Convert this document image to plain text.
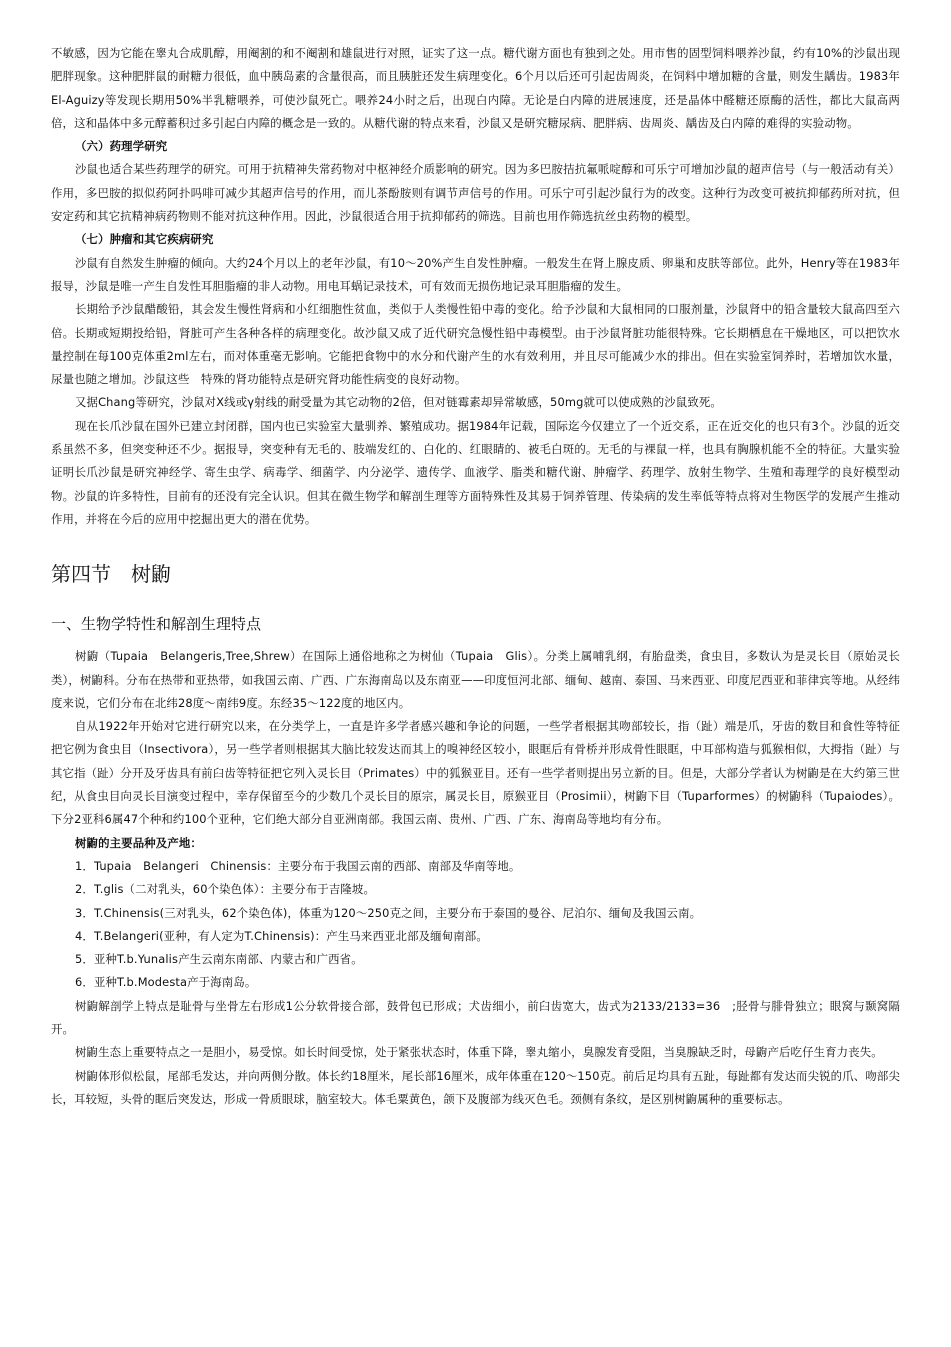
不敏感，因为它能在睾丸合成肌醇，用阉割的和不阉割和雄鼠进行对照，证实了这一点。糖代谢方面也有独到之处。用市售的固型饲料喂养沙鼠，约有10%的沙鼠出现肥胖现象。这种肥胖鼠的耐糖力很低，血中胰岛素的含量很高，而且胰脏还发生病理变化。6个月以后还可引起齿周炎，在饲料中增加糖的含量，则发生龋齿。1983年El-Aguizy等发现长期用50%半乳糖喂养，可使沙鼠死亡。喂养24小时之后，出现白内障。无论是白内障的进展速度，还是晶体中醛糖还原酶的活性，都比大鼠高两倍，这和晶体中多元醇蓄积过多引起白内障的概念是一致的。从糖代谢的特点来看，沙鼠又是研究糖尿病、肥胖病、齿周炎、龋齿及白内障的难得的实验动物。

（六）药理学研究

沙鼠也适合某些药理学的研究。可用于抗精神失常药物对中枢神经介质影响的研究。因为多巴胺拮抗氟哌啶醇和可乐宁可增加沙鼠的超声信号（与一般活动有关）作用，多巴胺的拟似药阿扑吗啡可减少其超声信号的作用，而儿茶酚胺则有调节声信号的作用。可乐宁可引起沙鼠行为的改变。这种行为改变可被抗抑郁药所对抗，但安定药和其它抗精神病药物则不能对抗这种作用。因此，沙鼠很适合用于抗抑郁药的筛选。目前也用作筛选抗丝虫药物的模型。

（七）肿瘤和其它疾病研究

沙鼠有自然发生肿瘤的倾向。大约24个月以上的老年沙鼠，有10～20%产生自发性肿瘤。一般发生在肾上腺皮质、卵巢和皮肤等部位。此外，Henry等在1983年报导，沙鼠是唯一产生自发性耳胆脂瘤的非人动物。用电耳蜗记录技术，可有效而无损伤地记录耳胆脂瘤的发生。

长期给予沙鼠醋酸铅，其会发生慢性肾病和小红细胞性贫血，类似于人类慢性铅中毒的变化。给予沙鼠和大鼠相同的口服剂量，沙鼠肾中的铅含量较大鼠高四至六倍。长期或短期投给铅，肾脏可产生各种各样的病理变化。故沙鼠又成了近代研究急慢性铅中毒模型。由于沙鼠肾脏功能很特殊。它长期栖息在干燥地区，可以把饮水量控制在每100克体重2ml左右，而对体重毫无影响。它能把食物中的水分和代谢产生的水有效利用，并且尽可能减少水的排出。但在实验室饲养时，若增加饮水量，尿量也随之增加。沙鼠这些　特殊的肾功能特点是研究肾功能性病变的良好动物。

又据Chang等研究，沙鼠对X线或γ射线的耐受量为其它动物的2倍，但对链霉素却异常敏感，50mg就可以使成熟的沙鼠致死。

现在长爪沙鼠在国外已建立封闭群，国内也已实验室大量驯养、繁殖成功。据1984年记载，国际迄今仅建立了一个近交系，正在近交化的也只有3个。沙鼠的近交系虽然不多，但突变种还不少。据报导，突变种有无毛的、肢端发红的、白化的、红眼睛的、被毛白斑的。无毛的与裸鼠一样，也具有胸腺机能不全的特征。大量实验证明长爪沙鼠是研究神经学、寄生虫学、病毒学、细菌学、内分泌学、遗传学、血液学、脂类和糖代谢、肿瘤学、药理学、放射生物学、生殖和毒理学的良好模型动物。沙鼠的许多特性，目前有的还没有完全认识。但其在微生物学和解剖生理等方面特殊性及其易于饲养管理、传染病的发生率低等特点将对生物医学的发展产生推动作用，并将在今后的应用中挖掘出更大的潜在优势。

第四节　树鼩
一、生物学特性和解剖生理特点

树鼩（Tupaia　Belangeris,Tree,Shrew）在国际上通俗地称之为树仙（Tupaia　Glis）。分类上属哺乳纲，有胎盘类，食虫目，多数认为是灵长目（原始灵长类），树鼩科。分布在热带和亚热带，如我国云南、广西、广东海南岛以及东南亚——印度恒河北部、缅甸、越南、泰国、马来西亚、印度尼西亚和菲律宾等地。从经纬度来说，它们分布在北纬28度～南纬9度。东经35～122度的地区内。

自从1922年开始对它进行研究以来，在分类学上，一直是许多学者感兴趣和争论的问题，一些学者根据其吻部较长，指（趾）端是爪，牙齿的数目和食性等特征把它例为食虫目（Insectivora），另一些学者则根据其大脑比较发达而其上的嗅神经区较小，眼眶后有骨桥并形成骨性眼眶，中耳部构造与狐猴相似，大拇指（趾）与其它指（趾）分开及牙齿具有前臼齿等特征把它列入灵长目（Primates）中的狐猴亚目。还有一些学者则提出另立新的目。但是，大部分学者认为树鼩是在大约第三世纪，从食虫目向灵长目演变过程中，幸存保留至今的少数几个灵长目的原宗，属灵长目，原猴亚目（Prosimii），树鼩下目（Tuparformes）的树鼩科（Tupaiodes）。下分2亚科6属47个种和约100个亚种，它们绝大部分自亚洲南部。我国云南、贵州、广西、广东、海南岛等地均有分布。

树鼩的主要品种及产地：

1．Tupaia　Belangeri　Chinensis：主要分布于我国云南的西部、南部及华南等地。

2．T.glis（二对乳头，60个染色体）：主要分布于吉隆坡。

3．T.Chinensis(三对乳头，62个染色体)，体重为120～250克之间，主要分布于泰国的曼谷、尼泊尔、缅甸及我国云南。

4．T.Belangeri(亚种，有人定为T.Chinensis)：产生马来西亚北部及缅甸南部。

5．亚种T.b.Yunalis产生云南东南部、内蒙古和广西省。

6．亚种T.b.Modesta产于海南岛。

树鼩解剖学上特点是耻骨与坐骨左右形成1公分软骨接合部，鼓骨包已形成；犬齿细小，前臼齿宽大，齿式为2133/2133=36　;胫骨与腓骨独立；眼窝与颞窝隔开。

树鼩生态上重要特点之一是胆小，易受惊。如长时间受惊，处于紧张状态时，体重下降，睾丸缩小，臭腺发育受阻，当臭腺缺乏时，母鼩产后吃仔生育力丧失。

树鼩体形似松鼠，尾部毛发达，并向两侧分散。体长约18厘米，尾长部16厘米，成年体重在120～150克。前后足均具有五趾，每趾都有发达而尖锐的爪、吻部尖长，耳较短，头骨的眶后突发达，形成一骨质眼球，脑室较大。体毛粟黄色，颌下及腹部为线灭色毛。颈侧有条纹，是区别树鼩属种的重要标志。
